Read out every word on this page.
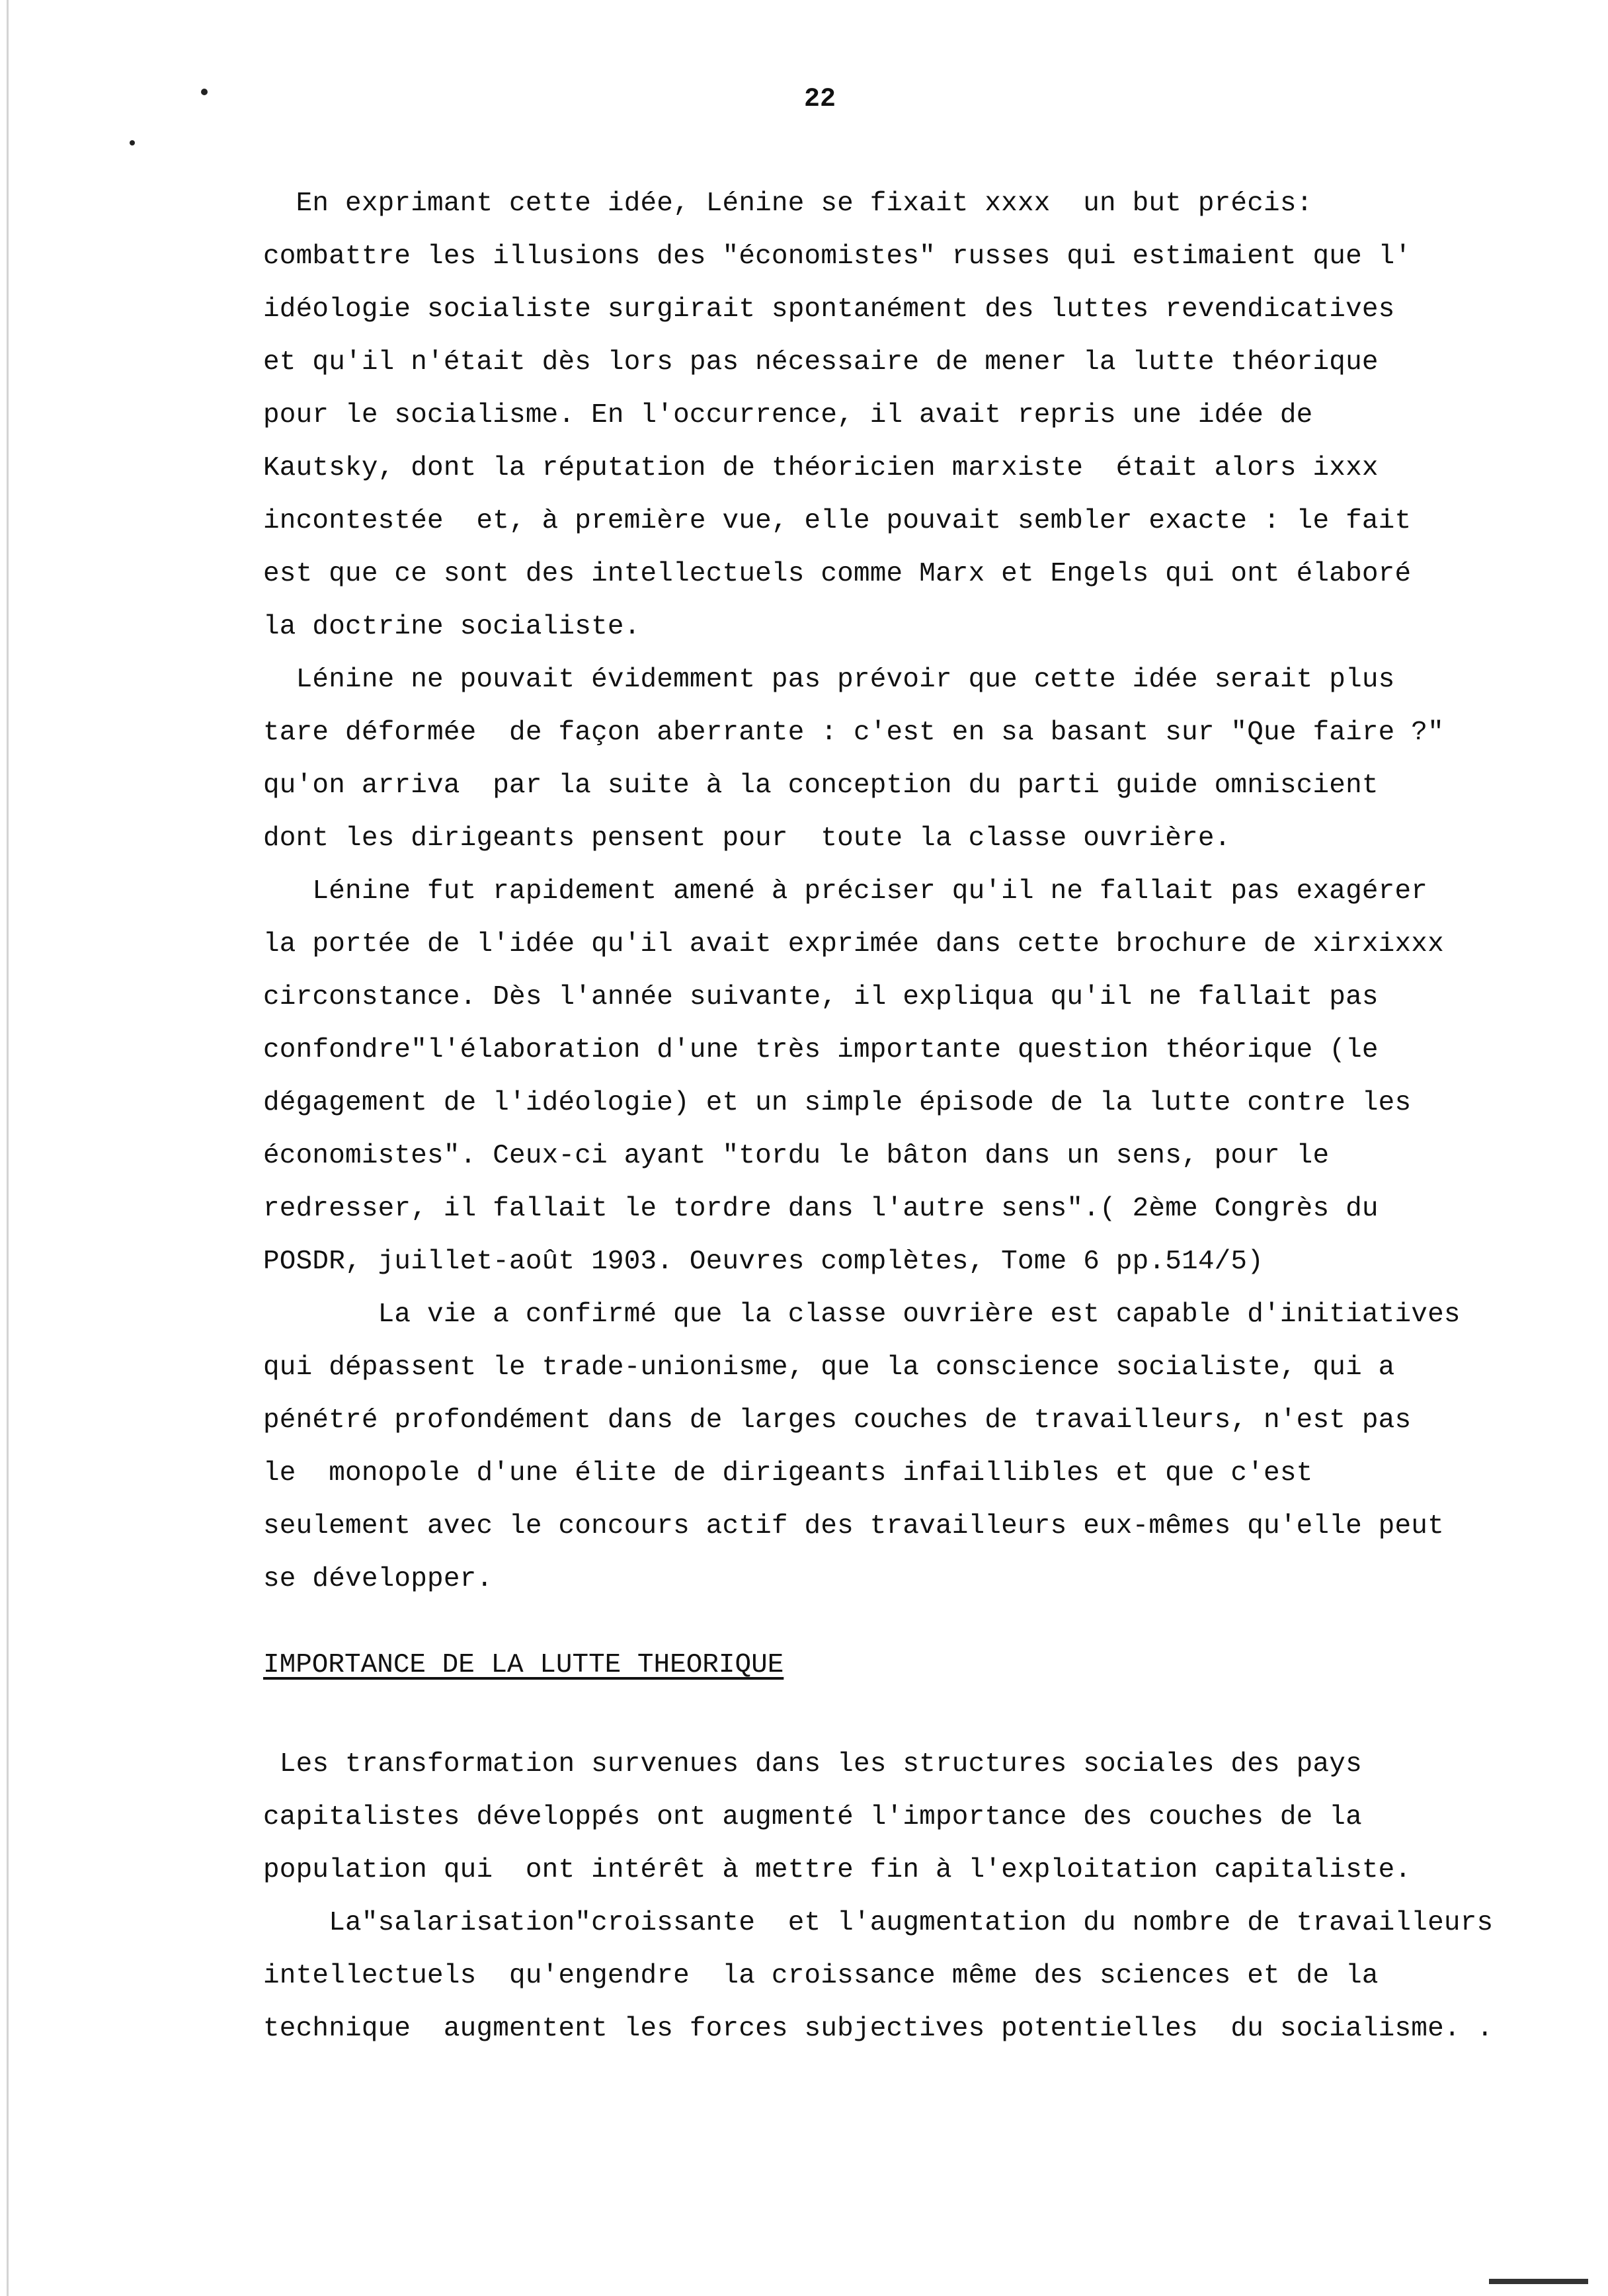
22
En exprimant cette idée, Lénine se fixait xxxx  un but précis:
combattre les illusions des "économistes" russes qui estimaient que l'
idéologie socialiste surgirait spontanément des luttes revendicatives
et qu'il n'était dès lors pas nécessaire de mener la lutte théorique
pour le socialisme. En l'occurrence, il avait repris une idée de
Kautsky, dont la réputation de théoricien marxiste  était alors ixxx
incontestée  et, à première vue, elle pouvait sembler exacte : le fait
est que ce sont des intellectuels comme Marx et Engels qui ont élaboré
la doctrine socialiste.
Lénine ne pouvait évidemment pas prévoir que cette idée serait plus
tare déformée  de façon aberrante : c'est en sa basant sur "Que faire ?"
qu'on arriva  par la suite à la conception du parti guide omniscient
dont les dirigeants pensent pour  toute la classe ouvrière.
Lénine fut rapidement amené à préciser qu'il ne fallait pas exagérer
la portée de l'idée qu'il avait exprimée dans cette brochure de xirxixxx
circonstance. Dès l'année suivante, il expliqua qu'il ne fallait pas
confondre"l'élaboration d'une très importante question théorique (le
dégagement de l'idéologie) et un simple épisode de la lutte contre les
économistes". Ceux-ci ayant "tordu le bâton dans un sens, pour le
redresser, il fallait le tordre dans l'autre sens".( 2ème Congrès du
POSDR, juillet-août 1903. Oeuvres complètes, Tome 6 pp.514/5)
La vie a confirmé que la classe ouvrière est capable d'initiatives
qui dépassent le trade-unionisme, que la conscience socialiste, qui a
pénétré profondément dans de larges couches de travailleurs, n'est pas
le  monopole d'une élite de dirigeants infaillibles et que c'est
seulement avec le concours actif des travailleurs eux-mêmes qu'elle peut
se développer.
IMPORTANCE DE LA LUTTE THEORIQUE
Les transformation survenues dans les structures sociales des pays
capitalistes développés ont augmenté l'importance des couches de la
population qui  ont intérêt à mettre fin à l'exploitation capitaliste.
La"salarisation"croissante  et l'augmentation du nombre de travailleurs
intellectuels  qu'engendre  la croissance même des sciences et de la
technique  augmentent les forces subjectives potentielles  du socialisme. .
